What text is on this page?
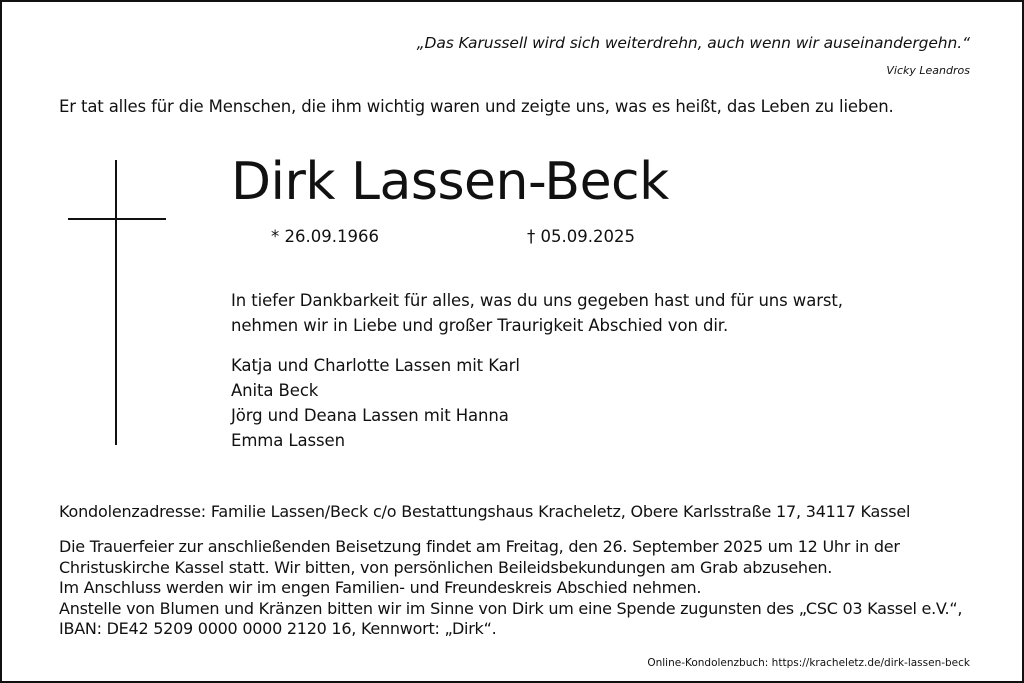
„Das Karussell wird sich weiterdrehn, auch wenn wir auseinandergehn.“
Vicky Leandros
Er tat alles für die Menschen, die ihm wichtig waren und zeigte uns, was es heißt, das Leben zu lieben.
Dirk Lassen-Beck
* 26.09.1966	† 05.09.2025
In tiefer Dankbarkeit für alles, was du uns gegeben hast und für uns warst,
nehmen wir in Liebe und großer Traurigkeit Abschied von dir.
Katja und Charlotte Lassen mit Karl
Anita Beck
Jörg und Deana Lassen mit Hanna
Emma Lassen
Kondolenzadresse: Familie Lassen/Beck c/o Bestattungshaus Kracheletz, Obere Karlsstraße 17, 34117 Kassel
Die Trauerfeier zur anschließenden Beisetzung findet am Freitag, den 26. September 2025 um 12 Uhr in der
Christuskirche Kassel statt. Wir bitten, von persönlichen Beileidsbekundungen am Grab abzusehen.
Im Anschluss werden wir im engen Familien- und Freundeskreis Abschied nehmen.
Anstelle von Blumen und Kränzen bitten wir im Sinne von Dirk um eine Spende zugunsten des „CSC 03 Kassel e.V.“,
IBAN: DE42 5209 0000 0000 2120 16, Kennwort: „Dirk“.
Online-Kondolenzbuch: https://kracheletz.de/dirk-lassen-beck
